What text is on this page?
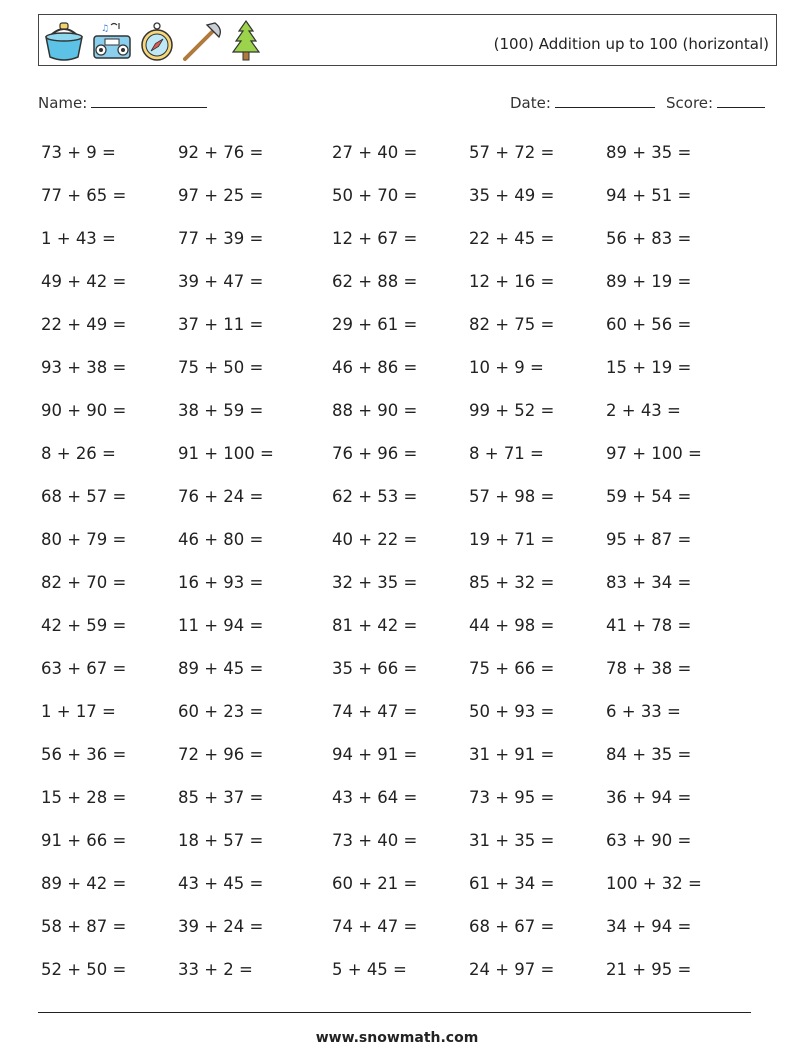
♫
(100) Addition up to 100 (horizontal)
Name:	Date:	Score:
73 + 9 =	92 + 76 =	27 + 40 =	57 + 72 =	89 + 35 =
77 + 65 =	97 + 25 =	50 + 70 =	35 + 49 =	94 + 51 =
1 + 43 =	77 + 39 =	12 + 67 =	22 + 45 =	56 + 83 =
49 + 42 =	39 + 47 =	62 + 88 =	12 + 16 =	89 + 19 =
22 + 49 =	37 + 11 =	29 + 61 =	82 + 75 =	60 + 56 =
93 + 38 =	75 + 50 =	46 + 86 =	10 + 9 =	15 + 19 =
90 + 90 =	38 + 59 =	88 + 90 =	99 + 52 =	2 + 43 =
8 + 26 =	91 + 100 =	76 + 96 =	8 + 71 =	97 + 100 =
68 + 57 =	76 + 24 =	62 + 53 =	57 + 98 =	59 + 54 =
80 + 79 =	46 + 80 =	40 + 22 =	19 + 71 =	95 + 87 =
82 + 70 =	16 + 93 =	32 + 35 =	85 + 32 =	83 + 34 =
42 + 59 =	11 + 94 =	81 + 42 =	44 + 98 =	41 + 78 =
63 + 67 =	89 + 45 =	35 + 66 =	75 + 66 =	78 + 38 =
1 + 17 =	60 + 23 =	74 + 47 =	50 + 93 =	6 + 33 =
56 + 36 =	72 + 96 =	94 + 91 =	31 + 91 =	84 + 35 =
15 + 28 =	85 + 37 =	43 + 64 =	73 + 95 =	36 + 94 =
91 + 66 =	18 + 57 =	73 + 40 =	31 + 35 =	63 + 90 =
89 + 42 =	43 + 45 =	60 + 21 =	61 + 34 =	100 + 32 =
58 + 87 =	39 + 24 =	74 + 47 =	68 + 67 =	34 + 94 =
52 + 50 =	33 + 2 =	5 + 45 =	24 + 97 =	21 + 95 =
www.snowmath.com
